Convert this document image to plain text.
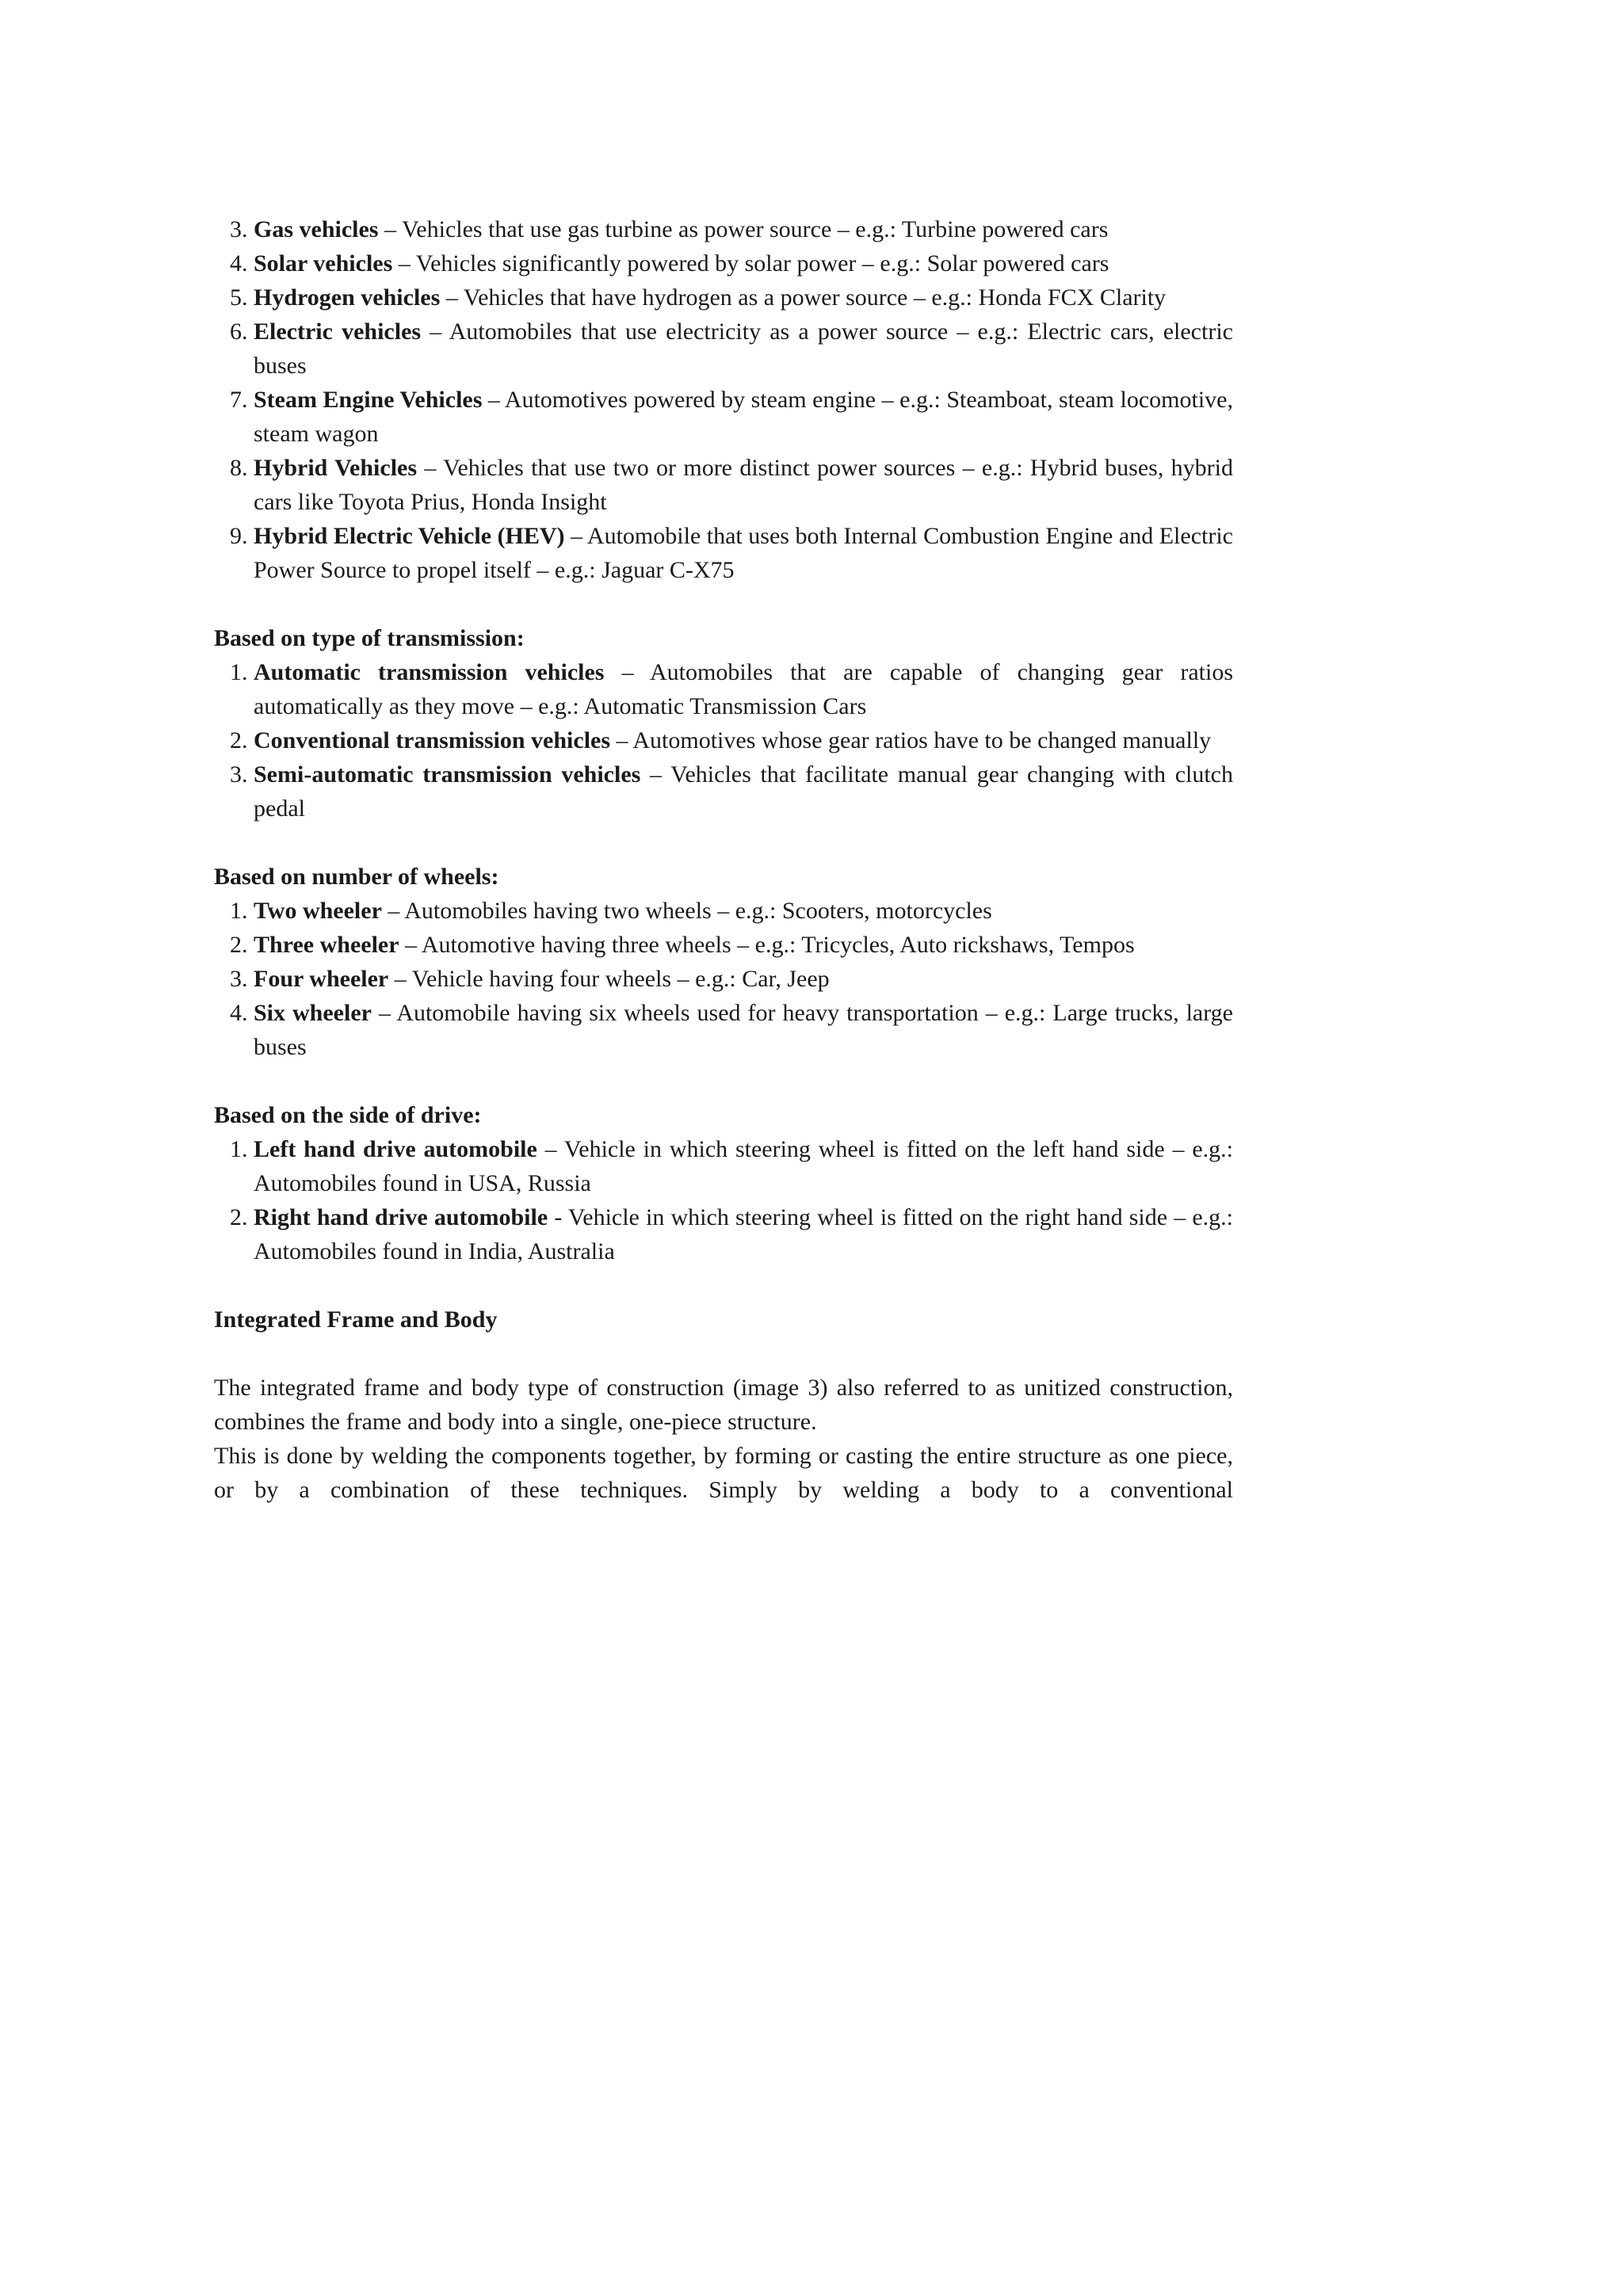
3. Gas vehicles – Vehicles that use gas turbine as power source – e.g.: Turbine powered cars
4. Solar vehicles – Vehicles significantly powered by solar power – e.g.: Solar powered cars
5. Hydrogen vehicles – Vehicles that have hydrogen as a power source – e.g.: Honda FCX Clarity
6. Electric vehicles – Automobiles that use electricity as a power source – e.g.: Electric cars, electric buses
7. Steam Engine Vehicles – Automotives powered by steam engine – e.g.: Steamboat, steam locomotive, steam wagon
8. Hybrid Vehicles – Vehicles that use two or more distinct power sources – e.g.: Hybrid buses, hybrid cars like Toyota Prius, Honda Insight
9. Hybrid Electric Vehicle (HEV) – Automobile that uses both Internal Combustion Engine and Electric Power Source to propel itself – e.g.: Jaguar C-X75

Based on type of transmission:

1. Automatic transmission vehicles – Automobiles that are capable of changing gear ratios automatically as they move – e.g.: Automatic Transmission Cars
2. Conventional transmission vehicles – Automotives whose gear ratios have to be changed manually
3. Semi-automatic transmission vehicles – Vehicles that facilitate manual gear changing with clutch pedal

Based on number of wheels:

1. Two wheeler – Automobiles having two wheels – e.g.: Scooters, motorcycles
2. Three wheeler – Automotive having three wheels – e.g.: Tricycles, Auto rickshaws, Tempos
3. Four wheeler – Vehicle having four wheels – e.g.: Car, Jeep
4. Six wheeler – Automobile having six wheels used for heavy transportation – e.g.: Large trucks, large buses

Based on the side of drive:

1. Left hand drive automobile – Vehicle in which steering wheel is fitted on the left hand side – e.g.: Automobiles found in USA, Russia
2. Right hand drive automobile - Vehicle in which steering wheel is fitted on the right hand side – e.g.: Automobiles found in India, Australia

Integrated Frame and Body

The integrated frame and body type of construction (image 3) also referred to as unitized construction, combines the frame and body into a single, one-piece structure.

This is done by welding the components together, by forming or casting the entire structure as one piece, or by a combination of these techniques. Simply by welding a body to a conventional
